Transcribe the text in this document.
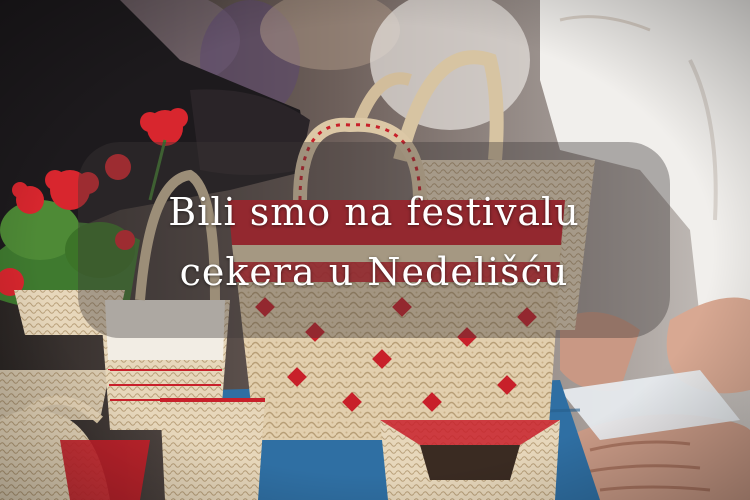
Bili smo na festivalu
cekera u Nedelišću
